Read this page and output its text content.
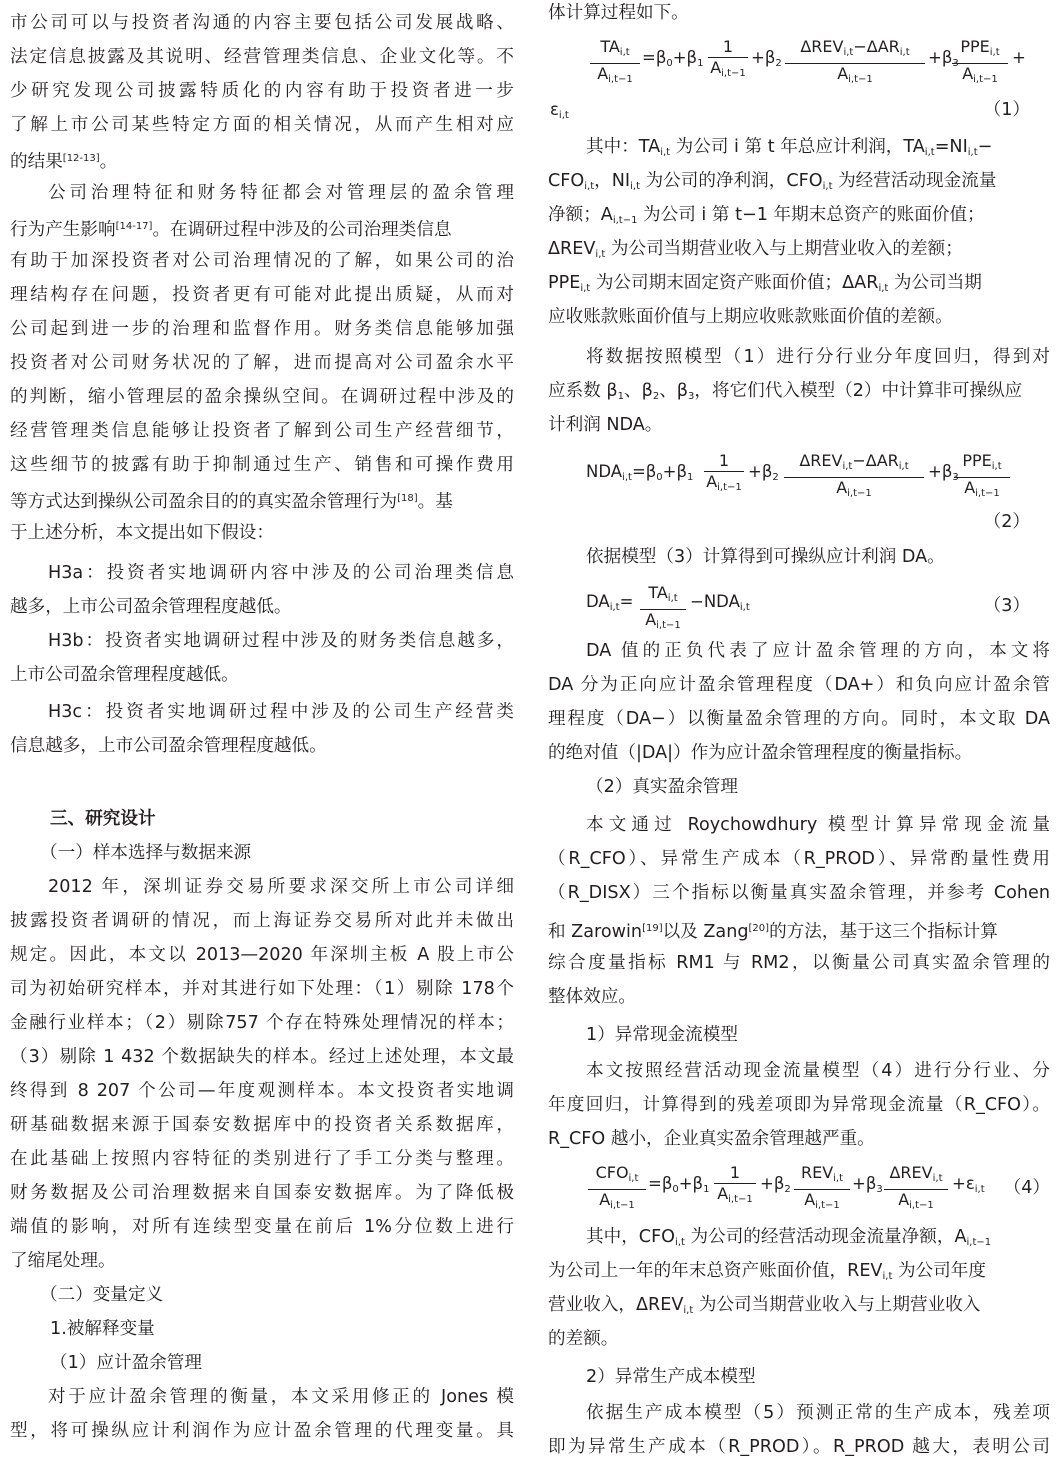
市公司可以与投资者沟通的内容主要包括公司发展战略、
法定信息披露及其说明、经营管理类信息、企业文化等。不
少研究发现公司披露特质化的内容有助于投资者进一步
了解上市公司某些特定方面的相关情况，从而产生相对应
的结果[12-13]。
公司治理特征和财务特征都会对管理层的盈余管理
行为产生影响[14-17]。在调研过程中涉及的公司治理类信息
有助于加深投资者对公司治理情况的了解，如果公司的治
理结构存在问题，投资者更有可能对此提出质疑，从而对
公司起到进一步的治理和监督作用。财务类信息能够加强
投资者对公司财务状况的了解，进而提高对公司盈余水平
的判断，缩小管理层的盈余操纵空间。在调研过程中涉及的
经营管理类信息能够让投资者了解到公司生产经营细节，
这些细节的披露有助于抑制通过生产、销售和可操作费用
等方式达到操纵公司盈余目的的真实盈余管理行为[18]。基
于上述分析，本文提出如下假设：
H3a：投资者实地调研内容中涉及的公司治理类信息
越多，上市公司盈余管理程度越低。
H3b：投资者实地调研过程中涉及的财务类信息越多，
上市公司盈余管理程度越低。
H3c：投资者实地调研过程中涉及的公司生产经营类
信息越多，上市公司盈余管理程度越低。
三、研究设计
（一）样本选择与数据来源
2012 年，深圳证券交易所要求深交所上市公司详细
披露投资者调研的情况，而上海证券交易所对此并未做出
规定。因此，本文以 2013—2020 年深圳主板 A 股上市公
司为初始研究样本，并对其进行如下处理：（1）剔除 178个
金融行业样本；（2）剔除757 个存在特殊处理情况的样本；
（3）剔除 1 432 个数据缺失的样本。经过上述处理，本文最
终得到 8 207 个公司—年度观测样本。本文投资者实地调
研基础数据来源于国泰安数据库中的投资者关系数据库，
在此基础上按照内容特征的类别进行了手工分类与整理。
财务数据及公司治理数据来自国泰安数据库。为了降低极
端值的影响，对所有连续型变量在前后 1%分位数上进行
了缩尾处理。
（二）变量定义
1.被解释变量
（1）应计盈余管理
对于应计盈余管理的衡量，本文采用修正的 Jones 模
型，将可操纵应计利润作为应计盈余管理的代理变量。具
体计算过程如下。
$TA_{i,t}$
$A_{i,t-1}$
$=\beta_0+\beta_1$
1
$A_{i,t-1}$
$+\beta_2$
$\Delta REV_{i,t}-\Delta AR_{i,t}$
$A_{i,t-1}$
$+\beta_3$
$PPE_{i,t}$
$A_{i,t-1}$
+
$\varepsilon_{i,t}$	（1）
其中：$TA_{i,t}$ 为公司 i 第 t 年总应计利润，$TA_{i,t}=NI_{i,t}-$
$CFO_{i,t}$，$NI_{i,t}$ 为公司的净利润，$CFO_{i,t}$ 为经营活动现金流量
净额；$A_{i,t-1}$ 为公司 i 第 t−1 年期末总资产的账面价值；
$\Delta REV_{i,t}$ 为公司当期营业收入与上期营业收入的差额；
$PPE_{i,t}$ 为公司期末固定资产账面价值；$\Delta AR_{i,t}$ 为公司当期
应收账款账面价值与上期应收账款账面价值的差额。
将数据按照模型（1）进行分行业分年度回归，得到对
应系数 $\beta_1$、$\beta_2$、$\beta_3$，将它们代入模型（2）中计算非可操纵应
计利润 NDA。
$NDA_{i,t}=\beta_0+\beta_1$
1
$A_{i,t-1}$
$+\beta_2$
$\Delta REV_{i,t}-\Delta AR_{i,t}$
$A_{i,t-1}$
$+\beta_3$
$PPE_{i,t}$
$A_{i,t-1}$
（2）
依据模型（3）计算得到可操纵应计利润 DA。
$DA_{i,t}= TA_{i,t}$
$A_{i,t-1}$
$-NDA_{i,t}$	（3）
DA 值的正负代表了应计盈余管理的方向，本文将
DA 分为正向应计盈余管理程度（DA+）和负向应计盈余管
理程度（DA−）以衡量盈余管理的方向。同时，本文取 DA
的绝对值（|DA|）作为应计盈余管理程度的衡量指标。
（2）真实盈余管理
本文通过 Roychowdhury 模型计算异常现金流量
（R_CFO）、异常生产成本（R_PROD）、异常酌量性费用
（R_DISX）三个指标以衡量真实盈余管理，并参考 Cohen
和 Zarowin[19]以及 Zang[20]的方法，基于这三个指标计算
综合度量指标 RM1 与 RM2，以衡量公司真实盈余管理的
整体效应。
1）异常现金流模型
本文按照经营活动现金流量模型（4）进行分行业、分
年度回归，计算得到的残差项即为异常现金流量（R_CFO）。
R_CFO 越小，企业真实盈余管理越严重。
$CFO_{i,t}$
$A_{i,t-1}$
$=\beta_0+\beta_1$
1
$A_{i,t-1}$
$+\beta_2$
$REV_{i,t}$
$A_{i,t-1}$
$+\beta_3$
$\Delta REV_{i,t}$
$A_{i,t-1}$
$+\varepsilon_{i,t}$ （4）
其中，$CFO_{i,t}$ 为公司的经营活动现金流量净额，$A_{i,t-1}$
为公司上一年的年末总资产账面价值，$REV_{i,t}$ 为公司年度
营业收入，$\Delta REV_{i,t}$ 为公司当期营业收入与上期营业收入
的差额。
2）异常生产成本模型
依据生产成本模型（5）预测正常的生产成本，残差项
即为异常生产成本（R_PROD）。R_PROD 越大，表明公司
